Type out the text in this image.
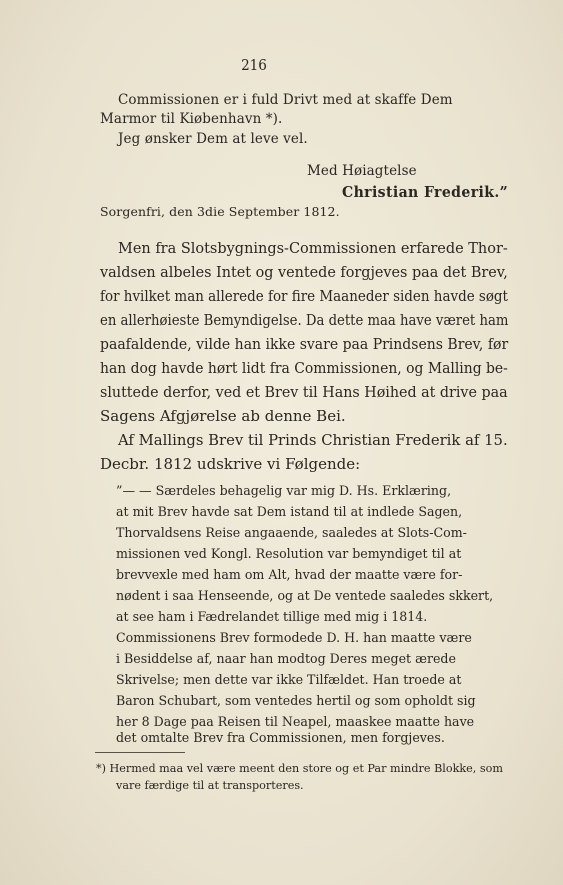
216
Commissionen er i fuld Drivt med at skaffe Dem
Marmor til Kiøbenhavn *).
Jeg ønsker Dem at leve vel.
Med Høiagtelse
Christian Frederik.”
Sorgenfri, den 3die September 1812.
Men fra Slotsbygnings-Commissionen erfarede Thor-
valdsen albeles Intet og ventede forgjeves paa det Brev,
for hvilket man allerede for fire Maaneder siden havde søgt
en allerhøieste Bemyndigelse. Da dette maa have været ham
paafaldende, vilde han ikke svare paa Prindsens Brev, før
han dog havde hørt lidt fra Commissionen, og Malling be-
sluttede derfor, ved et Brev til Hans Høihed at drive paa
Sagens Afgjørelse ab denne Bei.
Af Mallings Brev til Prinds Christian Frederik af 15.
Decbr. 1812 udskrive vi Følgende:
”— — Særdeles behagelig var mig D. Hs. Erklæring,
at mit Brev havde sat Dem istand til at indlede Sagen,
Thorvaldsens Reise angaaende, saaledes at Slots-Com-
missionen ved Kongl. Resolution var bemyndiget til at
brevvexle med ham om Alt, hvad der maatte være for-
nødent i saa Henseende, og at De ventede saaledes skkert,
at see ham i Fædrelandet tillige med mig i 1814.
Commissionens Brev formodede D. H. han maatte være
i Besiddelse af, naar han modtog Deres meget ærede
Skrivelse; men dette var ikke Tilfældet. Han troede at
Baron Schubart, som ventedes hertil og som opholdt sig
her 8 Dage paa Reisen til Neapel, maaskee maatte have
det omtalte Brev fra Commissionen, men forgjeves.
*) Hermed maa vel være meent den store og et Par mindre Blokke, som
vare færdige til at transporteres.
